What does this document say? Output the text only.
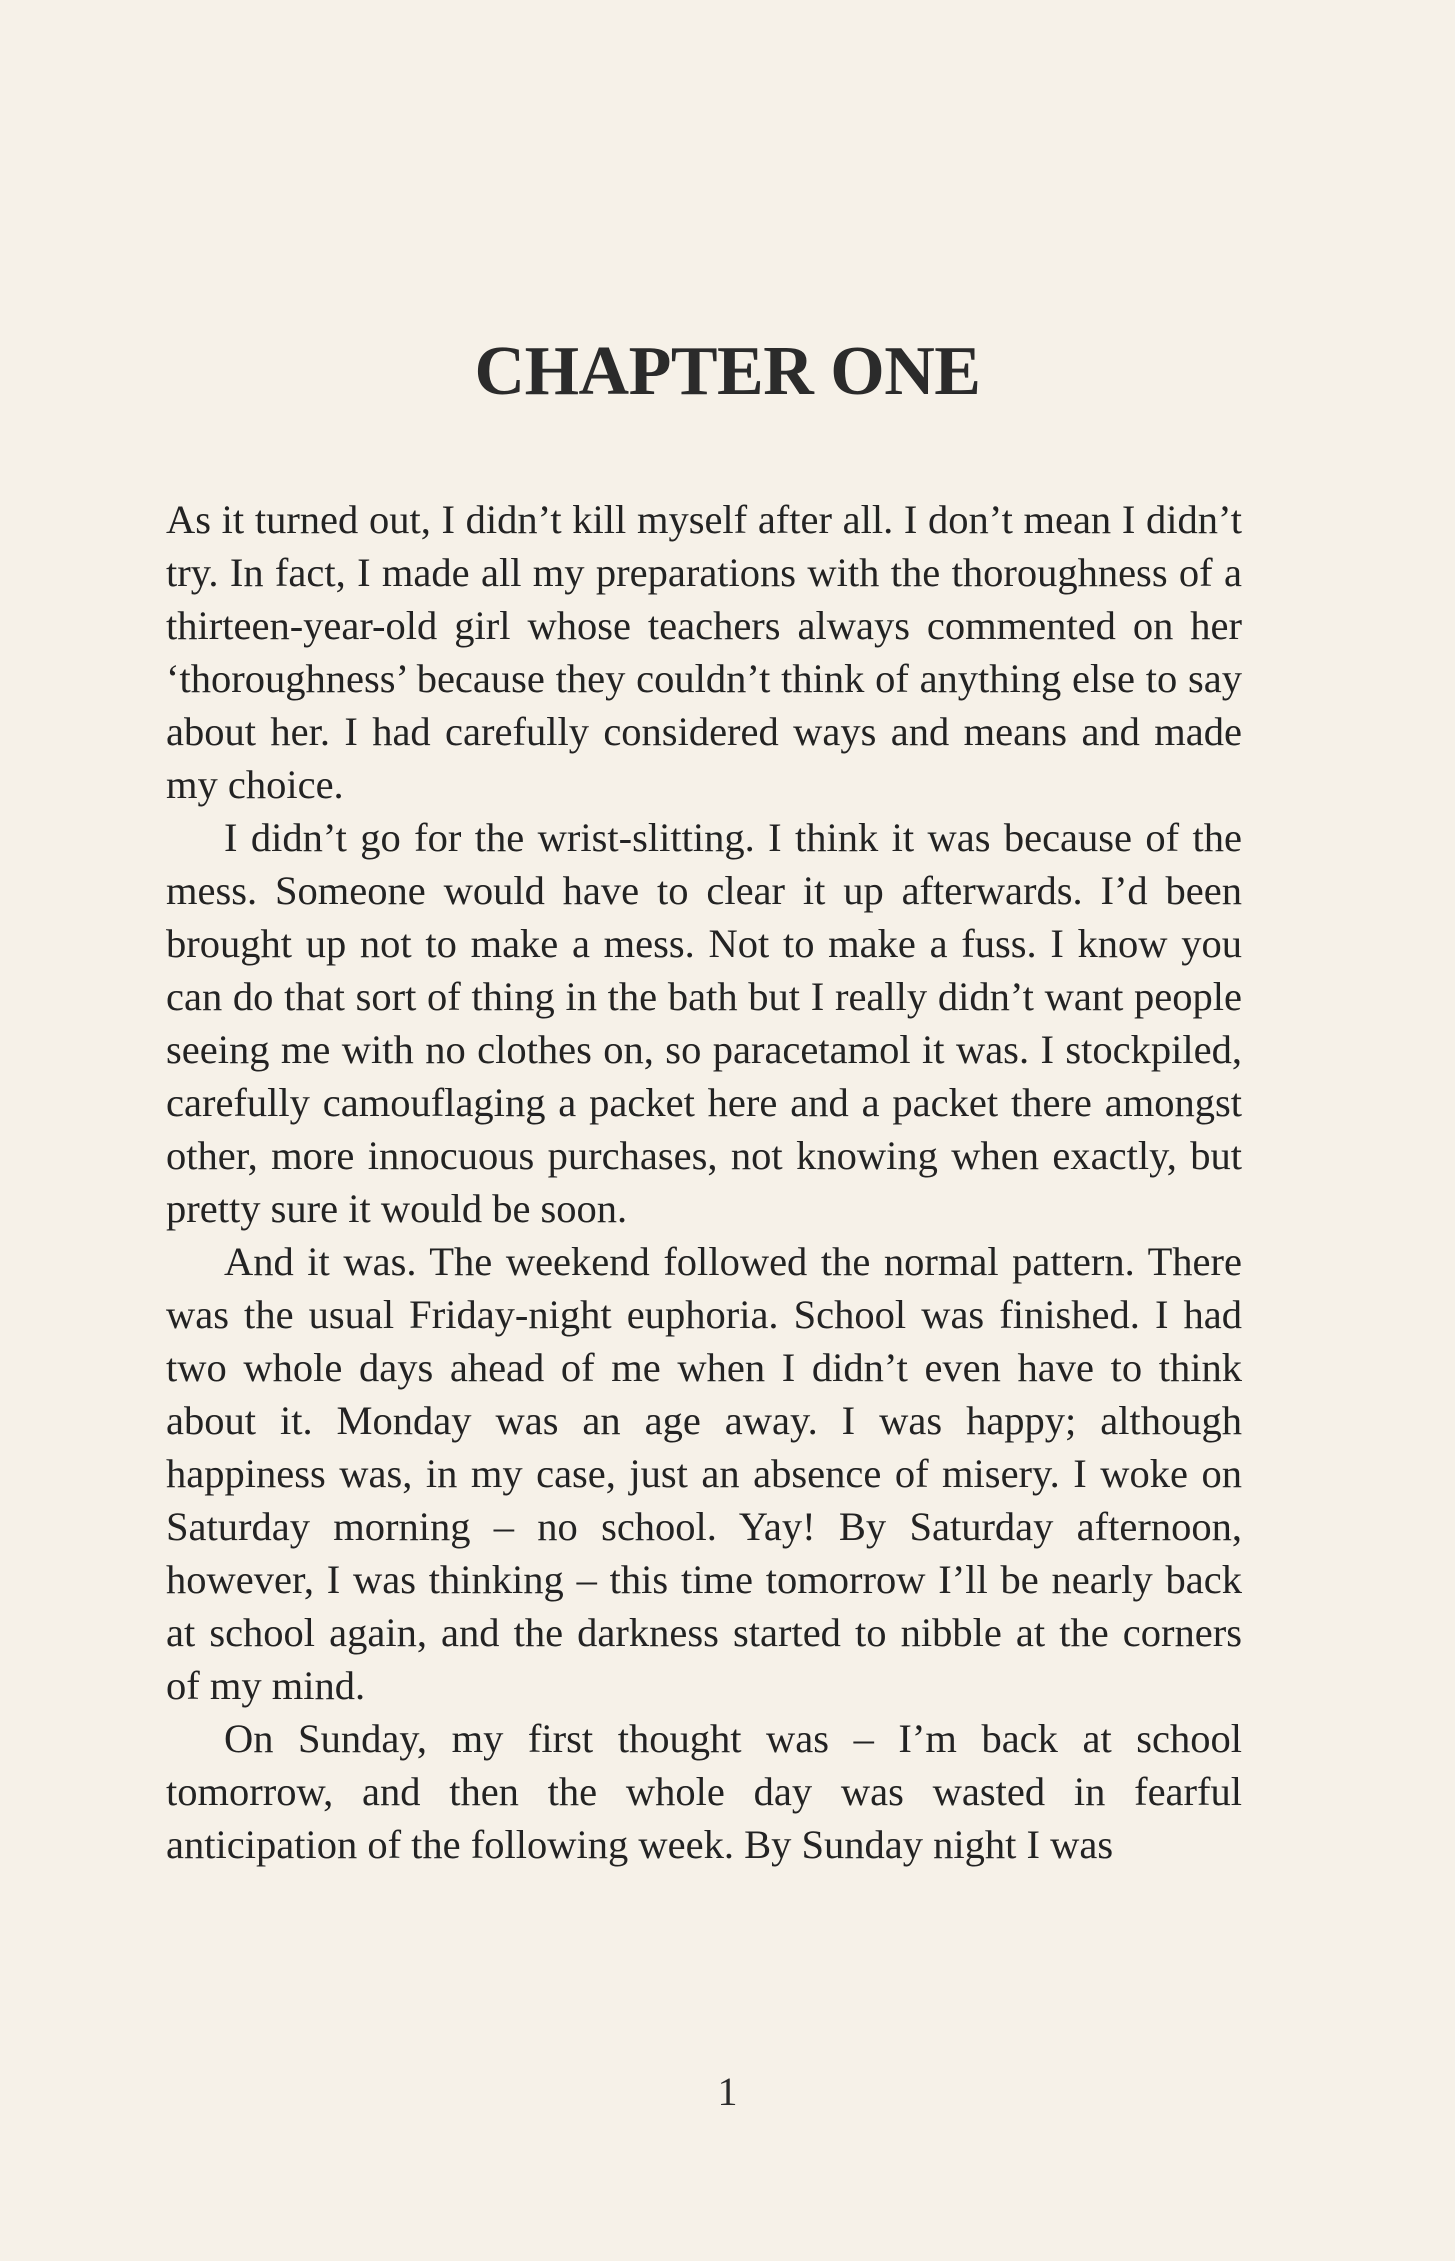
CHAPTER ONE

As it turned out, I didn’t kill myself after all. I don’t mean I didn’t try. In fact, I made all my preparations with the thoroughness of a thirteen-year-old girl whose teachers always commented on her ‘thoroughness’ because they couldn’t think of anything else to say about her. I had carefully considered ways and means and made my choice.

I didn’t go for the wrist-slitting. I think it was because of the mess. Someone would have to clear it up afterwards. I’d been brought up not to make a mess. Not to make a fuss. I know you can do that sort of thing in the bath but I really didn’t want people seeing me with no clothes on, so paracetamol it was. I stockpiled, carefully camouflaging a packet here and a packet there amongst other, more innocuous purchases, not knowing when exactly, but pretty sure it would be soon.

And it was. The weekend followed the normal pattern. There was the usual Friday-night euphoria. School was finished. I had two whole days ahead of me when I didn’t even have to think about it. Monday was an age away. I was happy; although happiness was, in my case, just an absence of misery. I woke on Saturday morning – no school. Yay! By Saturday afternoon, however, I was thinking – this time tomorrow I’ll be nearly back at school again, and the darkness started to nibble at the corners of my mind.

On Sunday, my first thought was – I’m back at school tomorrow, and then the whole day was wasted in fearful anticipation of the following week. By Sunday night I was

1
